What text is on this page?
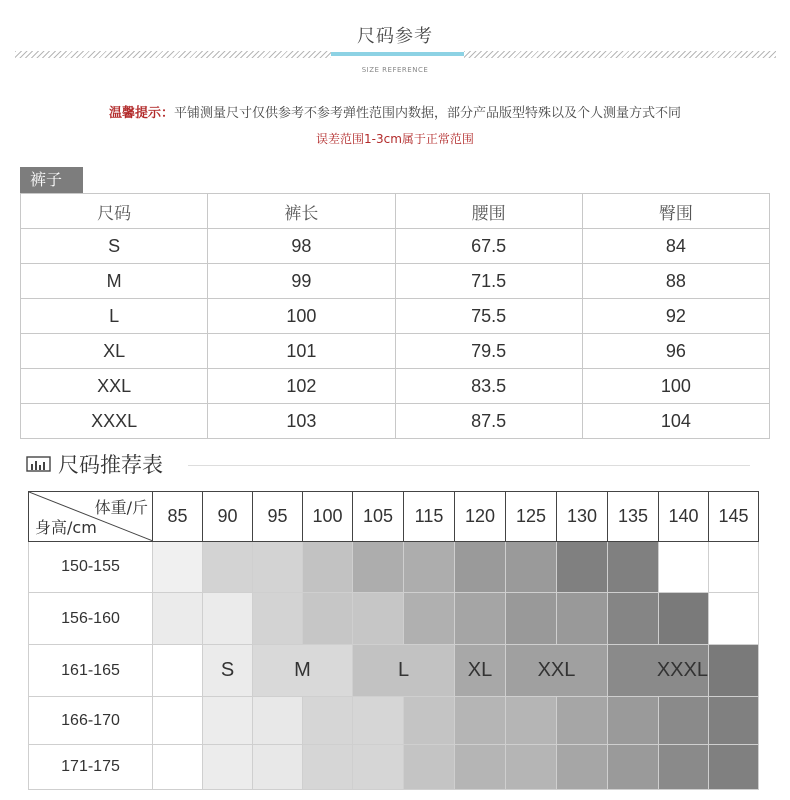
尺码参考
SIZE REFERENCE
温馨提示：平铺测量尺寸仅供参考不参考弹性范围内数据，部分产品版型特殊以及个人测量方式不同
误差范围1-3cm属于正常范围
裤子
尺码	裤长	腰围	臀围
S	98	67.5	84
M	99	71.5	88
L	100	75.5	92
XL	101	79.5	96
XXL	102	83.5	100
XXXL	103	87.5	104
尺码推荐表
体重/斤
身高/cm	85	90	95	100	105	115	120	125	130	135	140	145
150-155												
156-160												
161-165		S	M		L		XL	XXL		XXXL		
166-170												
171-175												
